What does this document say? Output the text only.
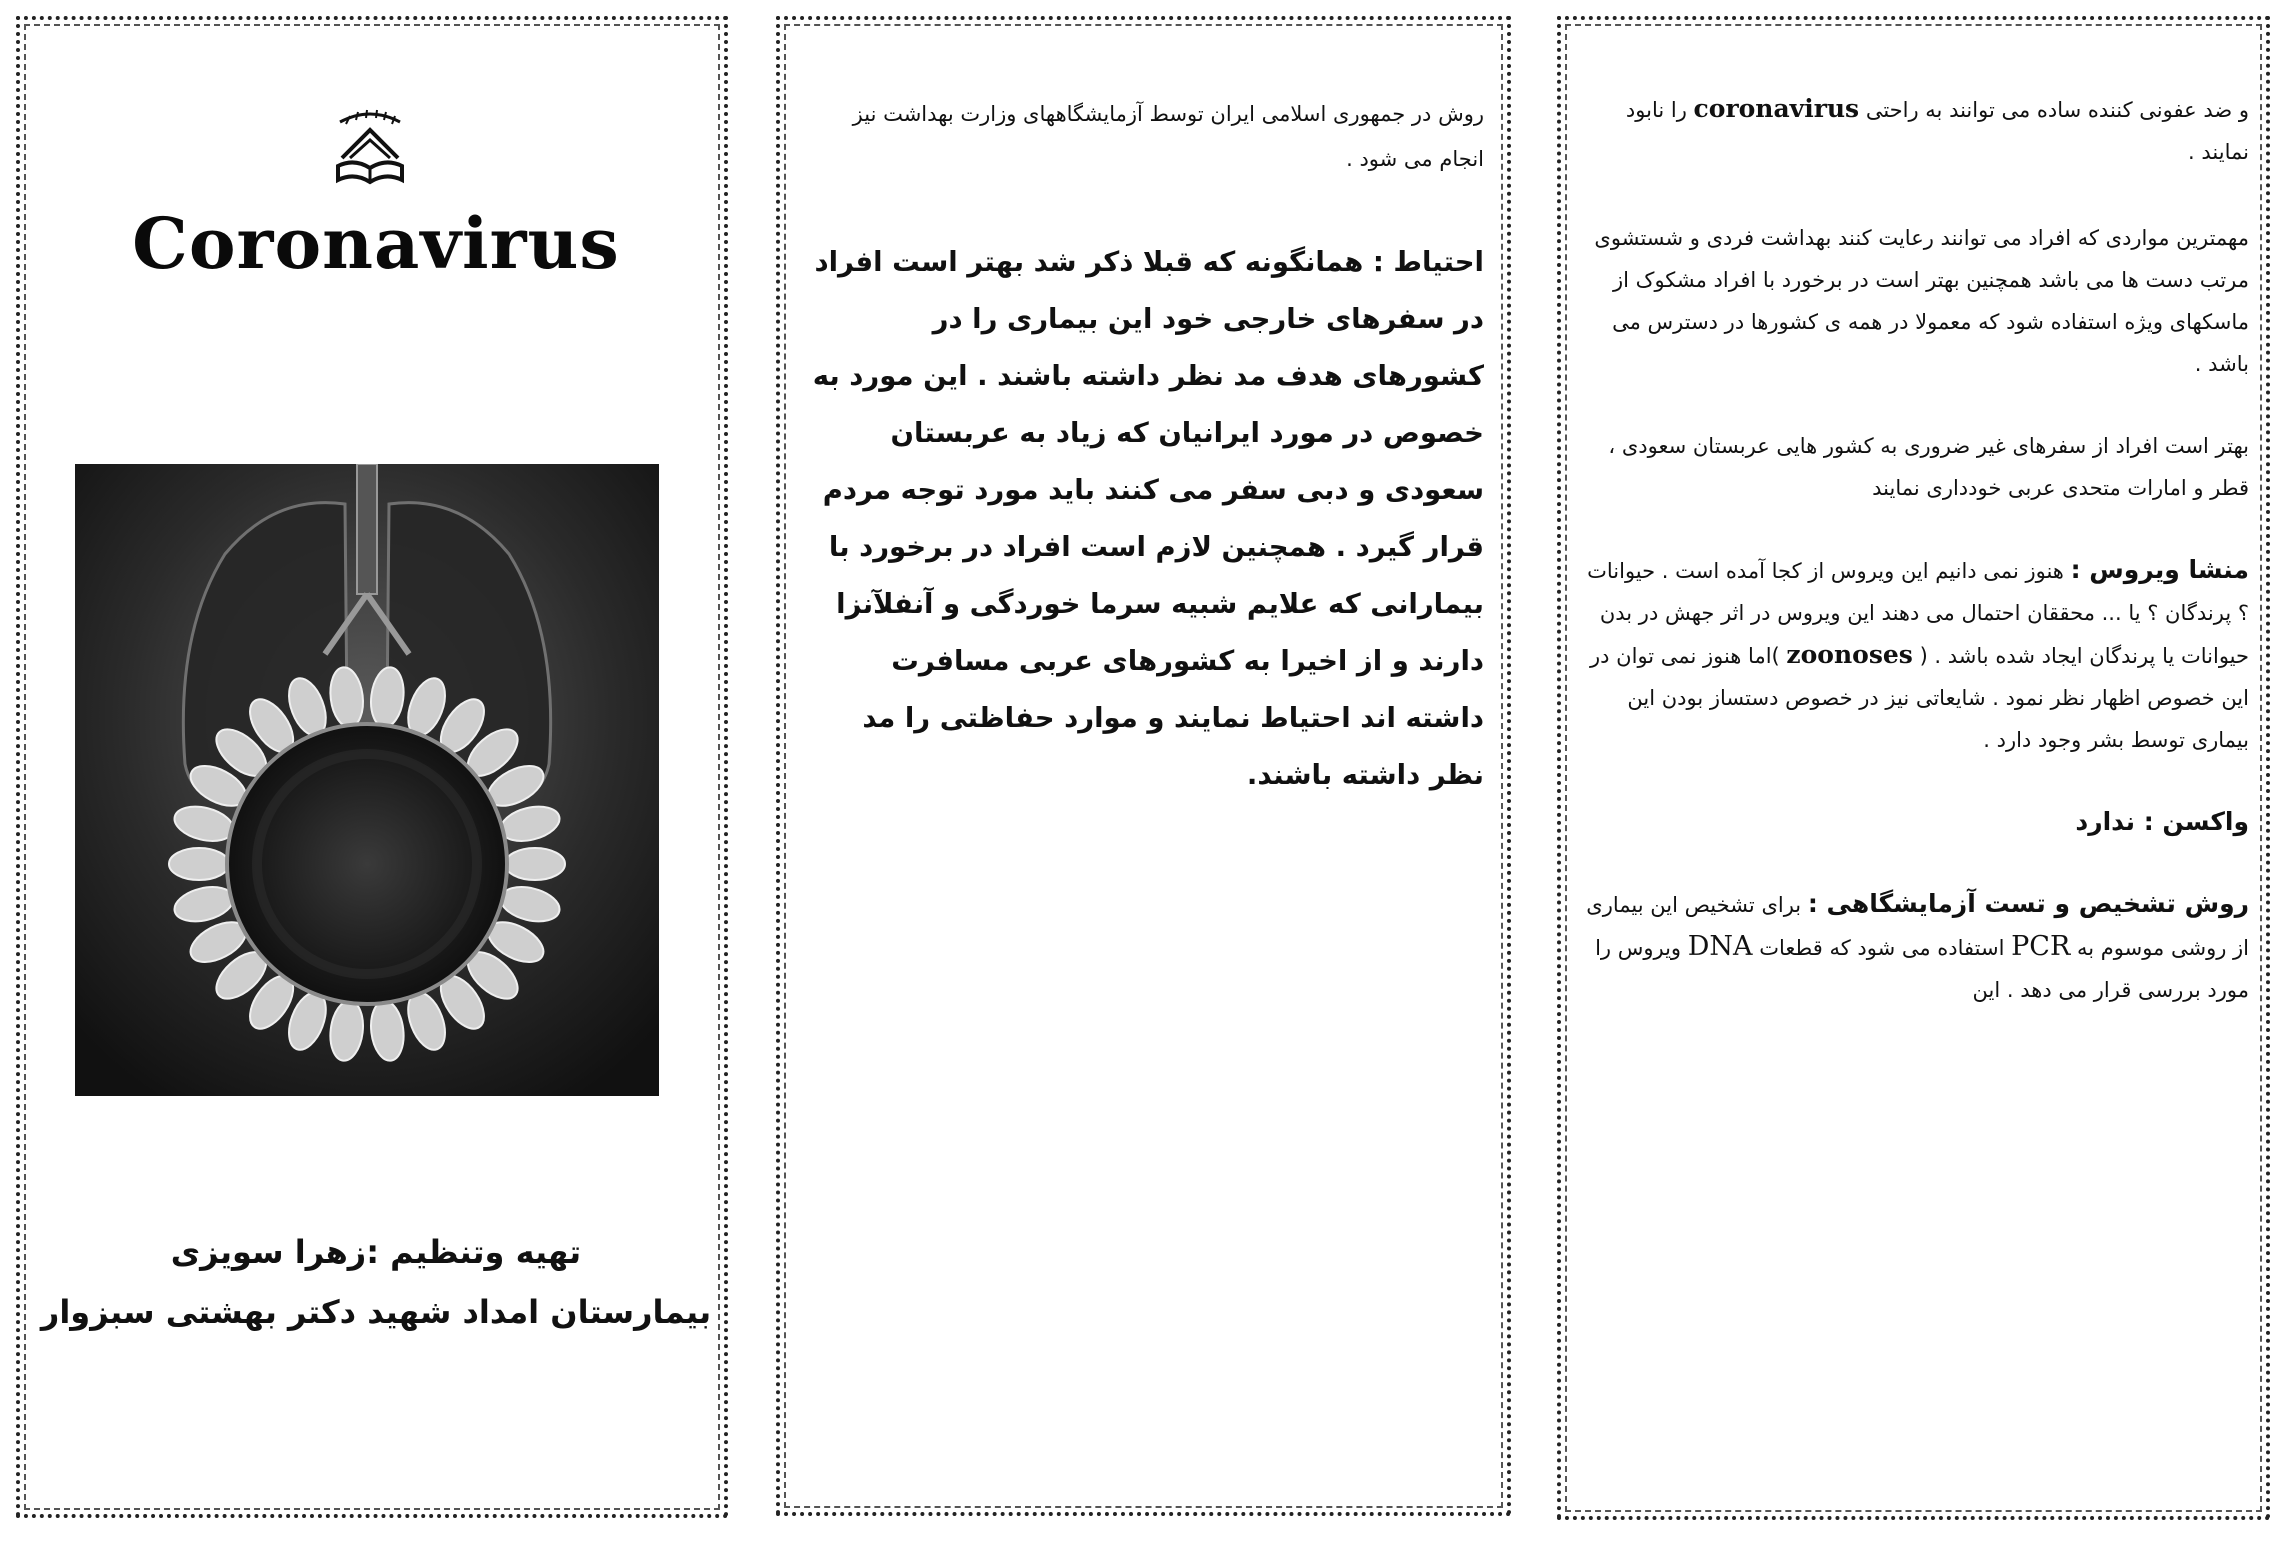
Coronavirus
تهیه وتنظیم :زهرا سویزی
بیمارستان امداد شهید دکتر بهشتی سبزوار

روش در جمهوری اسلامی ایران توسط آزمایشگاههای وزارت بهداشت نیز انجام می شود .

احتیاط : همانگونه که قبلا ذکر شد بهتر است افراد در سفرهای خارجی خود این بیماری را در کشورهای هدف مد نظر داشته باشند . این مورد به خصوص در مورد ایرانیان که زیاد به عربستان سعودی و دبی سفر می کنند باید مورد توجه مردم قرار گیرد . همچنین لازم است افراد در برخورد با بیمارانی که علایم شبیه سرما خوردگی و آنفلآنزا دارند و از اخیرا به کشورهای عربی مسافرت داشته اند احتیاط نمایند و موارد حفاظتی را مد نظر داشته باشند.

و ضد عفونی کننده ساده می توانند به راحتی coronavirus را نابود نمایند .

مهمترین مواردی که افراد می توانند رعایت کنند بهداشت فردی و شستشوی مرتب دست ها می باشد همچنین بهتر است در برخورد با افراد مشکوک از ماسکهای ویژه استفاده شود که معمولا در همه ی کشورها در دسترس می باشد .

بهتر است افراد از سفرهای غیر ضروری به کشور هایی عربستان سعودی ، قطر و امارات متحدی عربی خودداری نمایند

منشا ویروس : هنوز نمی دانیم این ویروس از کجا آمده است . حیوانات ؟ پرندگان ؟ یا ... محققان احتمال می دهند این ویروس در اثر جهش در بدن حیوانات یا پرندگان ایجاد شده باشد . ( zoonoses )اما هنوز نمی توان در این خصوص اظهار نظر نمود . شایعاتی نیز در خصوص دستساز بودن این بیماری توسط بشر وجود دارد .

واکسن : ندارد

روش تشخیص و تست آزمایشگاهی : برای تشخیص این بیماری از روشی موسوم به PCR استفاده می شود که قطعات DNA ویروس را مورد بررسی قرار می دهد . این
